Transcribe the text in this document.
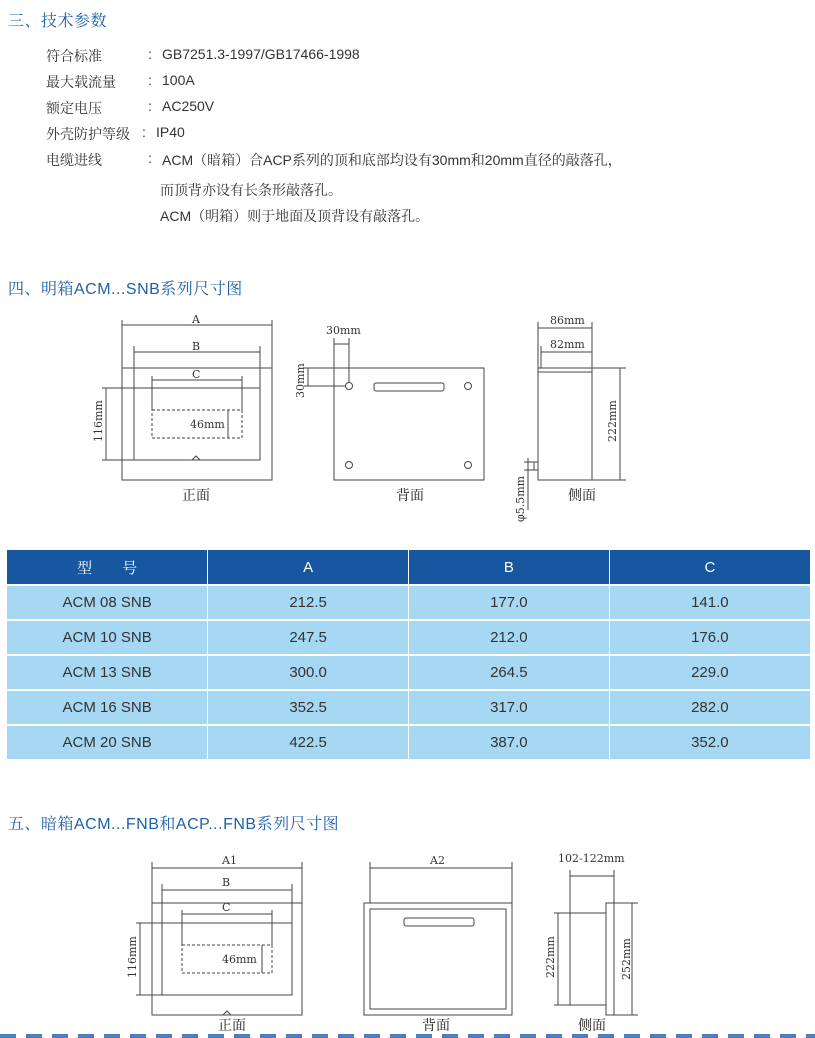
三、技术参数
符合标准	: GB7251.3-1997/GB17466-1998
最大载流量	: 100A
额定电压	: AC250V
外壳防护等级 : IP40
电缆进线	: ACM（暗箱）合ACP系列的顶和底部均设有30mm和20mm直径的敲落孔，
而顶背亦设有长条形敲落孔。
ACM（明箱）则于地面及顶背设有敲落孔。
四、明箱ACM...SNB系列尺寸图
A
B
C
46mm
116mm
正面
30mm
30mm
背面
86mm
82mm
222mm
φ5.5mm	侧面
型　　号	A	B	C
ACM 08 SNB	212.5	177.0	141.0
ACM 10 SNB	247.5	212.0	176.0
ACM 13 SNB	300.0	264.5	229.0
ACM 16 SNB	352.5	317.0	282.0
ACM 20 SNB	422.5	387.0	352.0
五、暗箱ACM...FNB和ACP...FNB系列尺寸图
A1
B
C
46mm
116mm
正面
A2
背面
102-122mm
222mm	252mm
侧面
